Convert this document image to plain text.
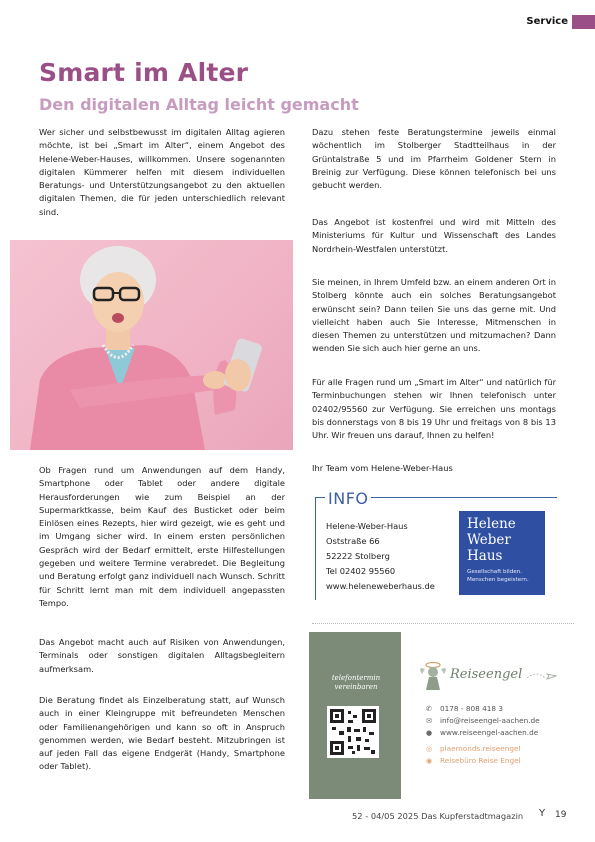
Service
Smart im Alter
Den digitalen Alltag leicht gemacht

Wer sicher und selbstbewusst im digitalen Alltag agieren möchte, ist bei „Smart im Alter“, einem Angebot des Helene-Weber-Hauses, willkommen. Unsere sogenannten digitalen Kümmerer helfen mit diesem individuellen Beratungs- und Unterstützungsangebot zu den aktuellen digitalen Themen, die für jeden unterschiedlich relevant sind.

Ob Fragen rund um Anwendungen auf dem Handy, Smartphone oder Tablet oder andere digitale Herausforderungen wie zum Beispiel an der Supermarktkasse, beim Kauf des Busticket oder beim Einlösen eines Rezepts, hier wird gezeigt, wie es geht und im Umgang sicher wird. In einem ersten persönlichen Gespräch wird der Bedarf ermittelt, erste Hilfestellungen gegeben und weitere Termine verabredet. Die Begleitung und Beratung erfolgt ganz individuell nach Wunsch. Schritt für Schritt lernt man mit dem individuell angepassten Tempo.

Das Angebot macht auch auf Risiken von Anwendungen, Terminals oder sonstigen digitalen Alltagsbegleitern aufmerksam.

Die Beratung findet als Einzelberatung statt, auf Wunsch auch in einer Kleingruppe mit befreundeten Menschen oder Familienangehörigen und kann so oft in Anspruch genommen werden, wie Bedarf besteht. Mitzubringen ist auf jeden Fall das eigene Endgerät (Handy, Smartphone oder Tablet).

Dazu stehen feste Beratungstermine jeweils einmal wöchentlich im Stolberger Stadtteilhaus in der Grüntalstraße 5 und im Pfarrheim Goldener Stern in Breinig zur Verfügung. Diese können telefonisch bei uns gebucht werden.

Das Angebot ist kostenfrei und wird mit Mitteln des Ministeriums für Kultur und Wissenschaft des Landes Nordrhein-Westfalen unterstützt.

Sie meinen, in Ihrem Umfeld bzw. an einem anderen Ort in Stolberg könnte auch ein solches Beratungsangebot erwünscht sein? Dann teilen Sie uns das gerne mit. Und vielleicht haben auch Sie Interesse, Mitmenschen in diesen Themen zu unterstützen und mitzumachen? Dann wenden Sie sich auch hier gerne an uns.

Für alle Fragen rund um „Smart im Alter“ und natürlich für Terminbuchungen stehen wir Ihnen telefonisch unter 02402/95560 zur Verfügung. Sie erreichen uns montags bis donnerstags von 8 bis 19 Uhr und freitags von 8 bis 13 Uhr. Wir freuen uns darauf, Ihnen zu helfen!

Ihr Team vom Helene-Weber-Haus

INFO
Helene-Weber-Haus
Oststraße 66
52222 Stolberg
Tel 02402 95560
www.heleneweberhaus.de
Helene
Weber
Haus
Gesellschaft bilden.
Menschen begeistern.
telefontermin
vereinbaren
Reiseengel
✆ 0178 - 808 418 3
✉ info@reiseengel-aachen.de
● www.reiseengel-aachen.de
◎ plaemonds.reiseengel
◉ Reisebüro Reise Engel
52 - 04/05 2025 Das Kupferstadtmagazin Y 19
